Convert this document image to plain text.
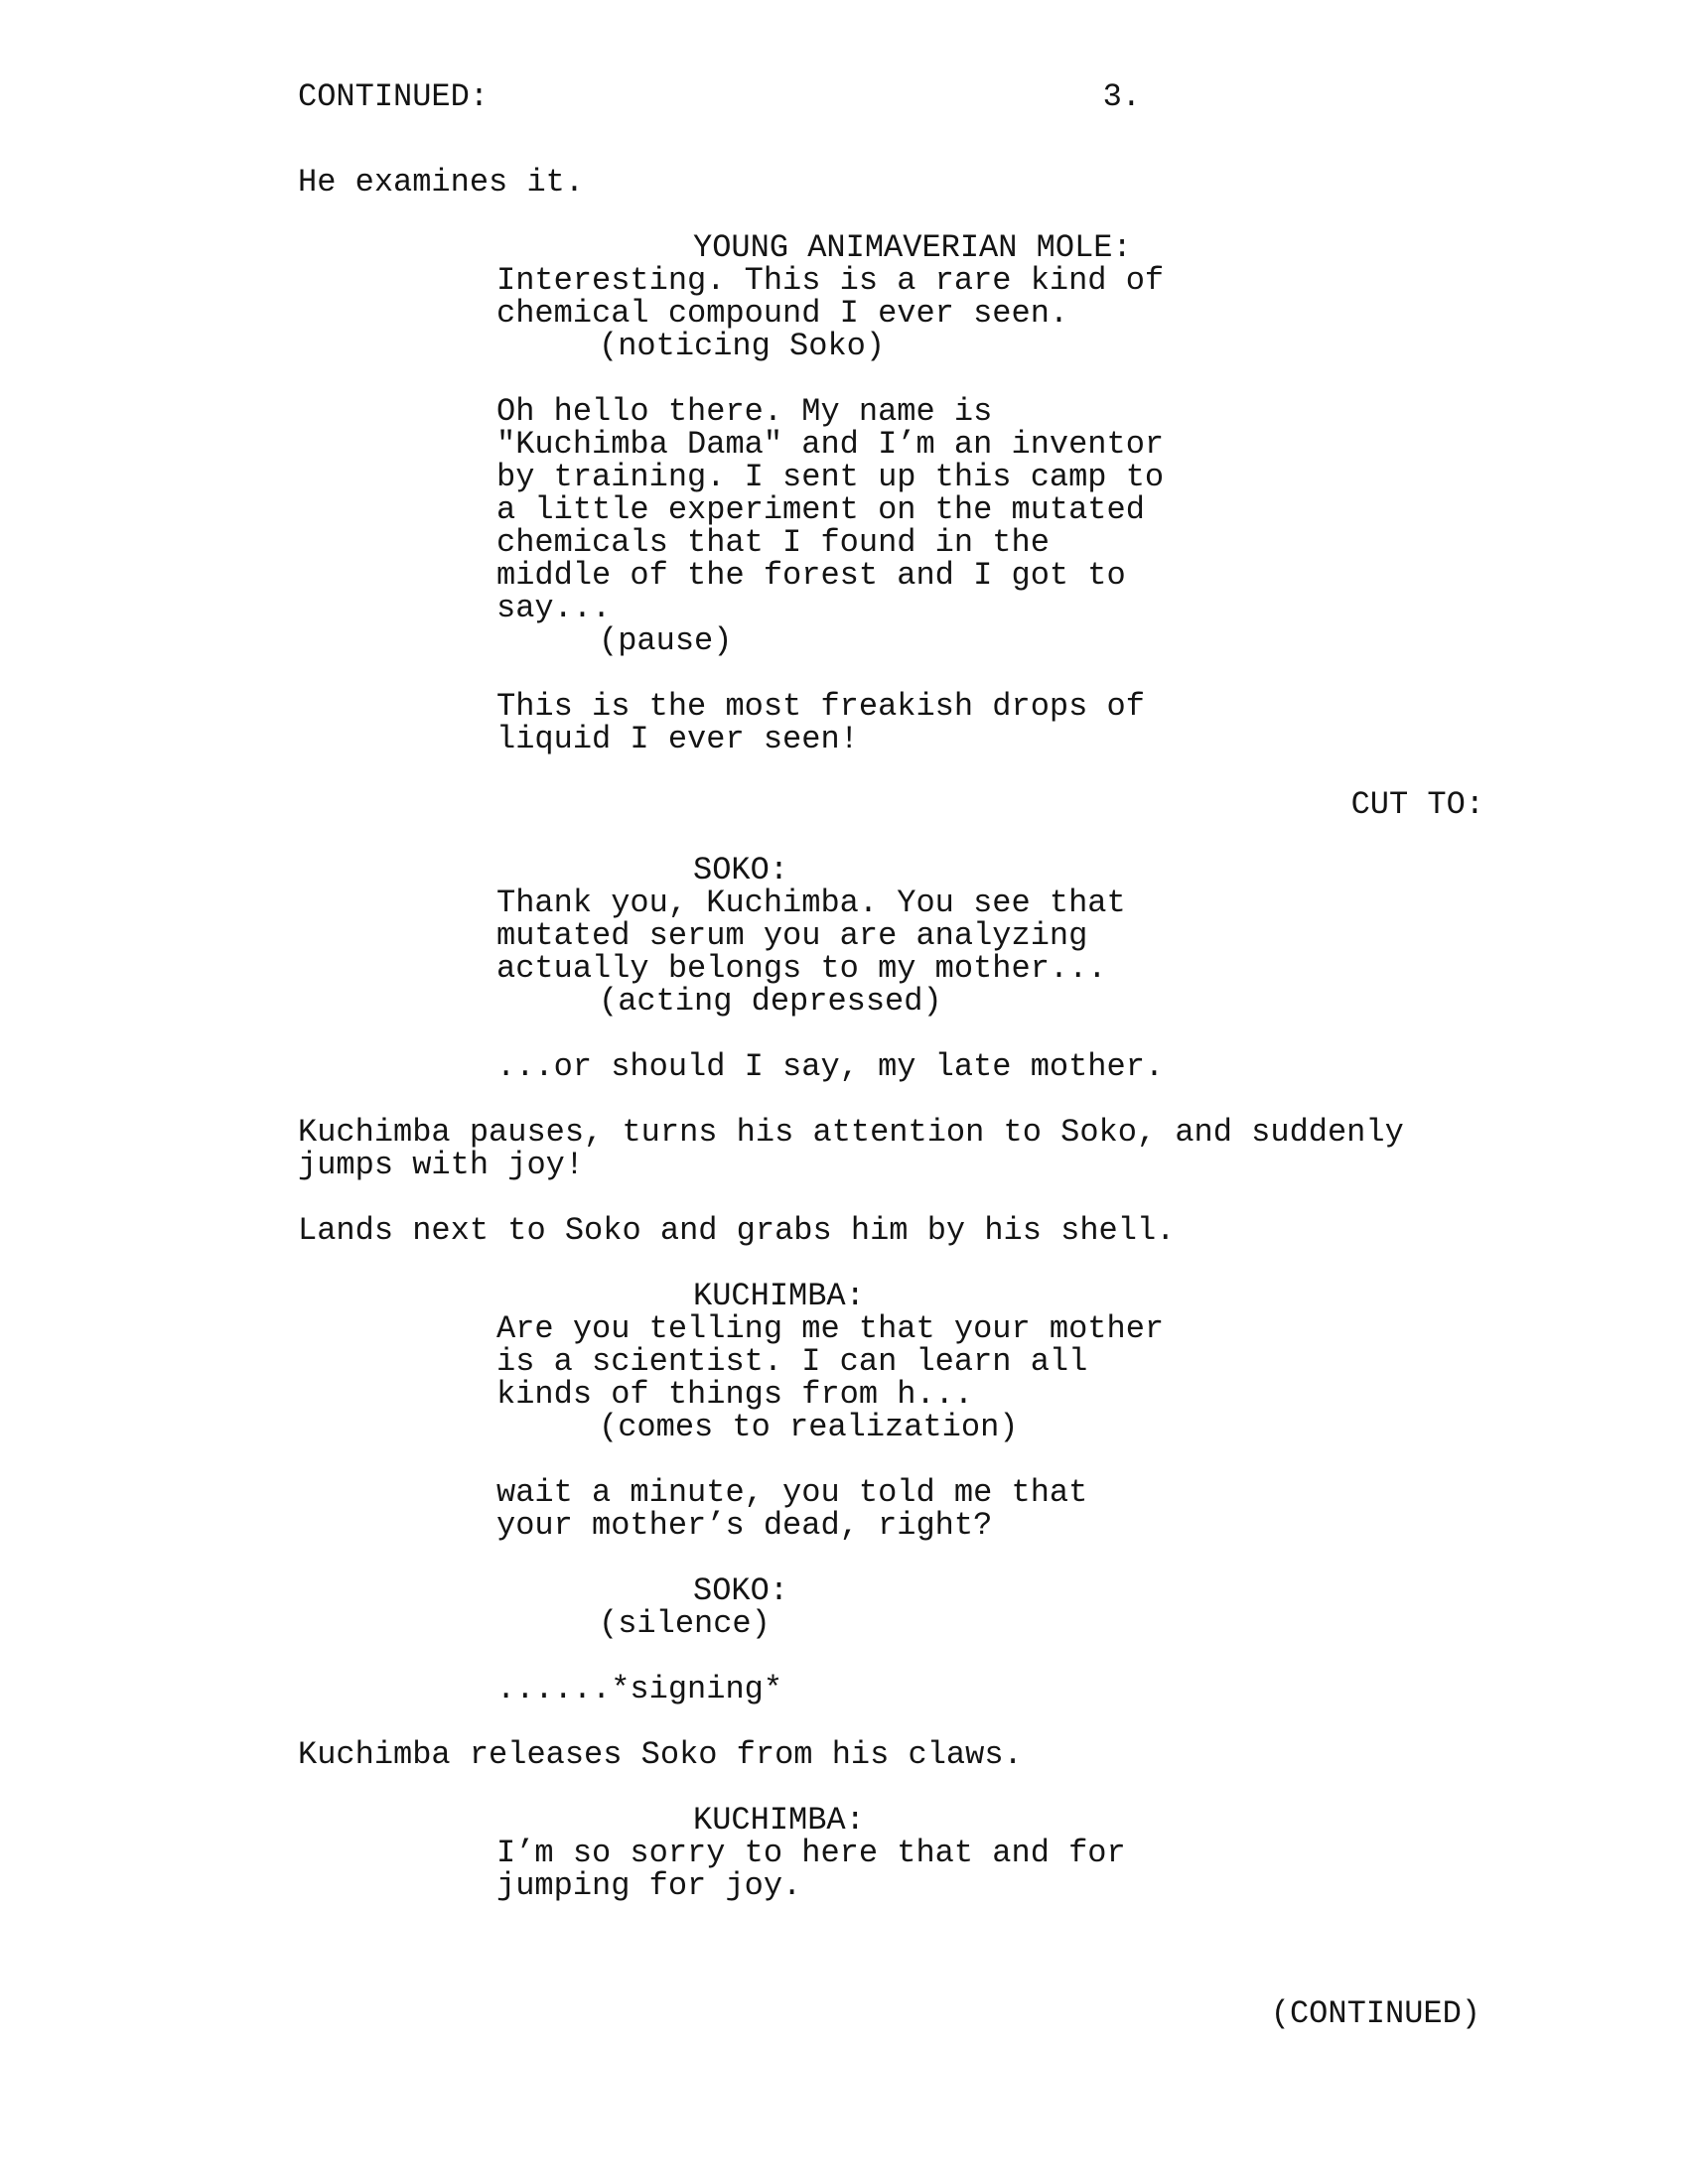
CONTINUED:	3.
He examines it.
YOUNG ANIMAVERIAN MOLE:
Interesting. This is a rare kind of
chemical compound I ever seen.
(noticing Soko)
Oh hello there. My name is
"Kuchimba Dama" and I’m an inventor
by training. I sent up this camp to
a little experiment on the mutated
chemicals that I found in the
middle of the forest and I got to
say...
(pause)
This is the most freakish drops of
liquid I ever seen!
CUT TO:
SOKO:
Thank you, Kuchimba. You see that
mutated serum you are analyzing
actually belongs to my mother...
(acting depressed)
...or should I say, my late mother.
Kuchimba pauses, turns his attention to Soko, and suddenly
jumps with joy!
Lands next to Soko and grabs him by his shell.
KUCHIMBA:
Are you telling me that your mother
is a scientist. I can learn all
kinds of things from h...
(comes to realization)
wait a minute, you told me that
your mother’s dead, right?
SOKO:
(silence)
......*signing*
Kuchimba releases Soko from his claws.
KUCHIMBA:
I’m so sorry to here that and for
jumping for joy.
(CONTINUED)
